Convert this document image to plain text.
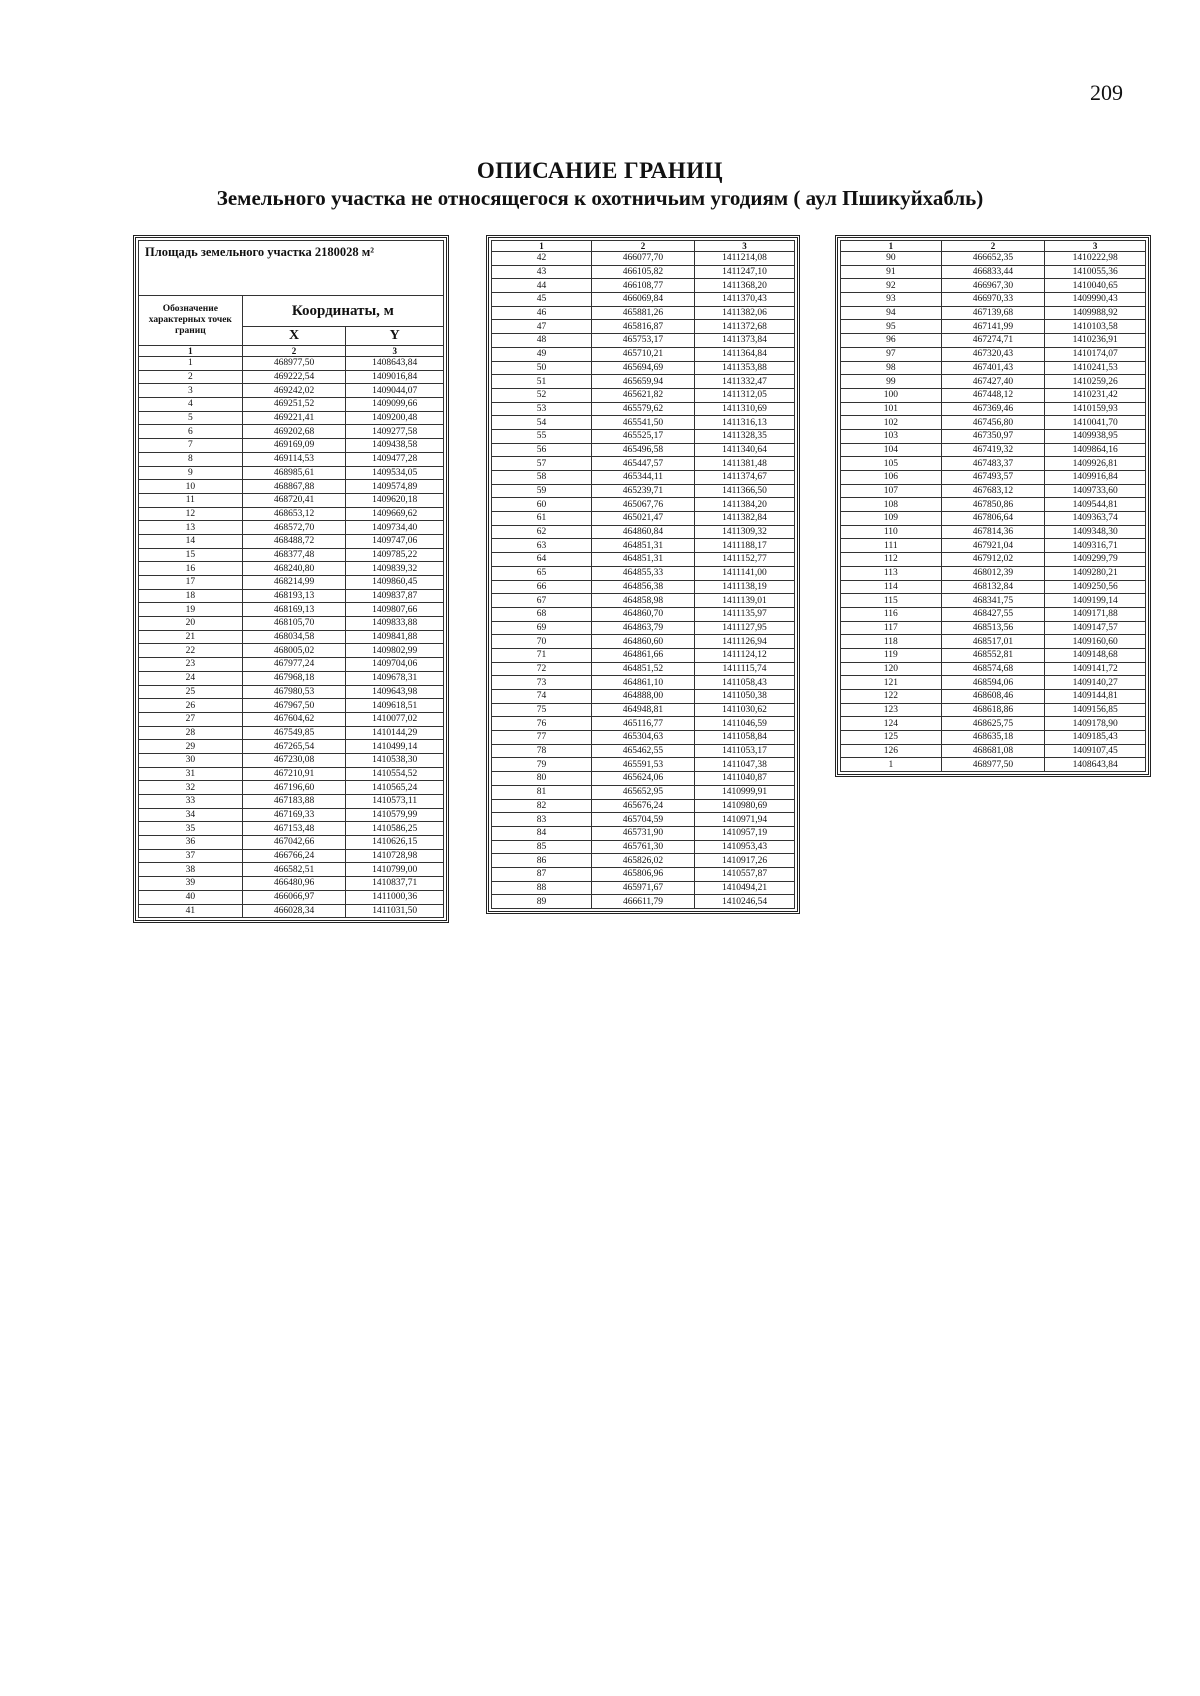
209
ОПИСАНИЕ ГРАНИЦ
Земельного участка не относящегося к охотничьим угодиям ( аул Пшикуйхабль)
Площадь земельного участка 2180028 м²		
Обозначение характерных точек границ	Координаты, м	
	X	Y
1	2	3
1	468977,50	1408643,84
2	469222,54	1409016,84
3	469242,02	1409044,07
4	469251,52	1409099,66
5	469221,41	1409200,48
6	469202,68	1409277,58
7	469169,09	1409438,58
8	469114,53	1409477,28
9	468985,61	1409534,05
10	468867,88	1409574,89
11	468720,41	1409620,18
12	468653,12	1409669,62
13	468572,70	1409734,40
14	468488,72	1409747,06
15	468377,48	1409785,22
16	468240,80	1409839,32
17	468214,99	1409860,45
18	468193,13	1409837,87
19	468169,13	1409807,66
20	468105,70	1409833,88
21	468034,58	1409841,88
22	468005,02	1409802,99
23	467977,24	1409704,06
24	467968,18	1409678,31
25	467980,53	1409643,98
26	467967,50	1409618,51
27	467604,62	1410077,02
28	467549,85	1410144,29
29	467265,54	1410499,14
30	467230,08	1410538,30
31	467210,91	1410554,52
32	467196,60	1410565,24
33	467183,88	1410573,11
34	467169,33	1410579,99
35	467153,48	1410586,25
36	467042,66	1410626,15
37	466766,24	1410728,98
38	466582,51	1410799,00
39	466480,96	1410837,71
40	466066,97	1411000,36
41	466028,34	1411031,50
1	2	3
42	466077,70	1411214,08
43	466105,82	1411247,10
44	466108,77	1411368,20
45	466069,84	1411370,43
46	465881,26	1411382,06
47	465816,87	1411372,68
48	465753,17	1411373,84
49	465710,21	1411364,84
50	465694,69	1411353,88
51	465659,94	1411332,47
52	465621,82	1411312,05
53	465579,62	1411310,69
54	465541,50	1411316,13
55	465525,17	1411328,35
56	465496,58	1411340,64
57	465447,57	1411381,48
58	465344,11	1411374,67
59	465239,71	1411366,50
60	465067,76	1411384,20
61	465021,47	1411382,84
62	464860,84	1411309,32
63	464851,31	1411188,17
64	464851,31	1411152,77
65	464855,33	1411141,00
66	464856,38	1411138,19
67	464858,98	1411139,01
68	464860,70	1411135,97
69	464863,79	1411127,95
70	464860,60	1411126,94
71	464861,66	1411124,12
72	464851,52	1411115,74
73	464861,10	1411058,43
74	464888,00	1411050,38
75	464948,81	1411030,62
76	465116,77	1411046,59
77	465304,63	1411058,84
78	465462,55	1411053,17
79	465591,53	1411047,38
80	465624,06	1411040,87
81	465652,95	1410999,91
82	465676,24	1410980,69
83	465704,59	1410971,94
84	465731,90	1410957,19
85	465761,30	1410953,43
86	465826,02	1410917,26
87	465806,96	1410557,87
88	465971,67	1410494,21
89	466611,79	1410246,54
1	2	3
90	466652,35	1410222,98
91	466833,44	1410055,36
92	466967,30	1410040,65
93	466970,33	1409990,43
94	467139,68	1409988,92
95	467141,99	1410103,58
96	467274,71	1410236,91
97	467320,43	1410174,07
98	467401,43	1410241,53
99	467427,40	1410259,26
100	467448,12	1410231,42
101	467369,46	1410159,93
102	467456,80	1410041,70
103	467350,97	1409938,95
104	467419,32	1409864,16
105	467483,37	1409926,81
106	467493,57	1409916,84
107	467683,12	1409733,60
108	467850,86	1409544,81
109	467806,64	1409363,74
110	467814,36	1409348,30
111	467921,04	1409316,71
112	467912,02	1409299,79
113	468012,39	1409280,21
114	468132,84	1409250,56
115	468341,75	1409199,14
116	468427,55	1409171,88
117	468513,56	1409147,57
118	468517,01	1409160,60
119	468552,81	1409148,68
120	468574,68	1409141,72
121	468594,06	1409140,27
122	468608,46	1409144,81
123	468618,86	1409156,85
124	468625,75	1409178,90
125	468635,18	1409185,43
126	468681,08	1409107,45
1	468977,50	1408643,84
